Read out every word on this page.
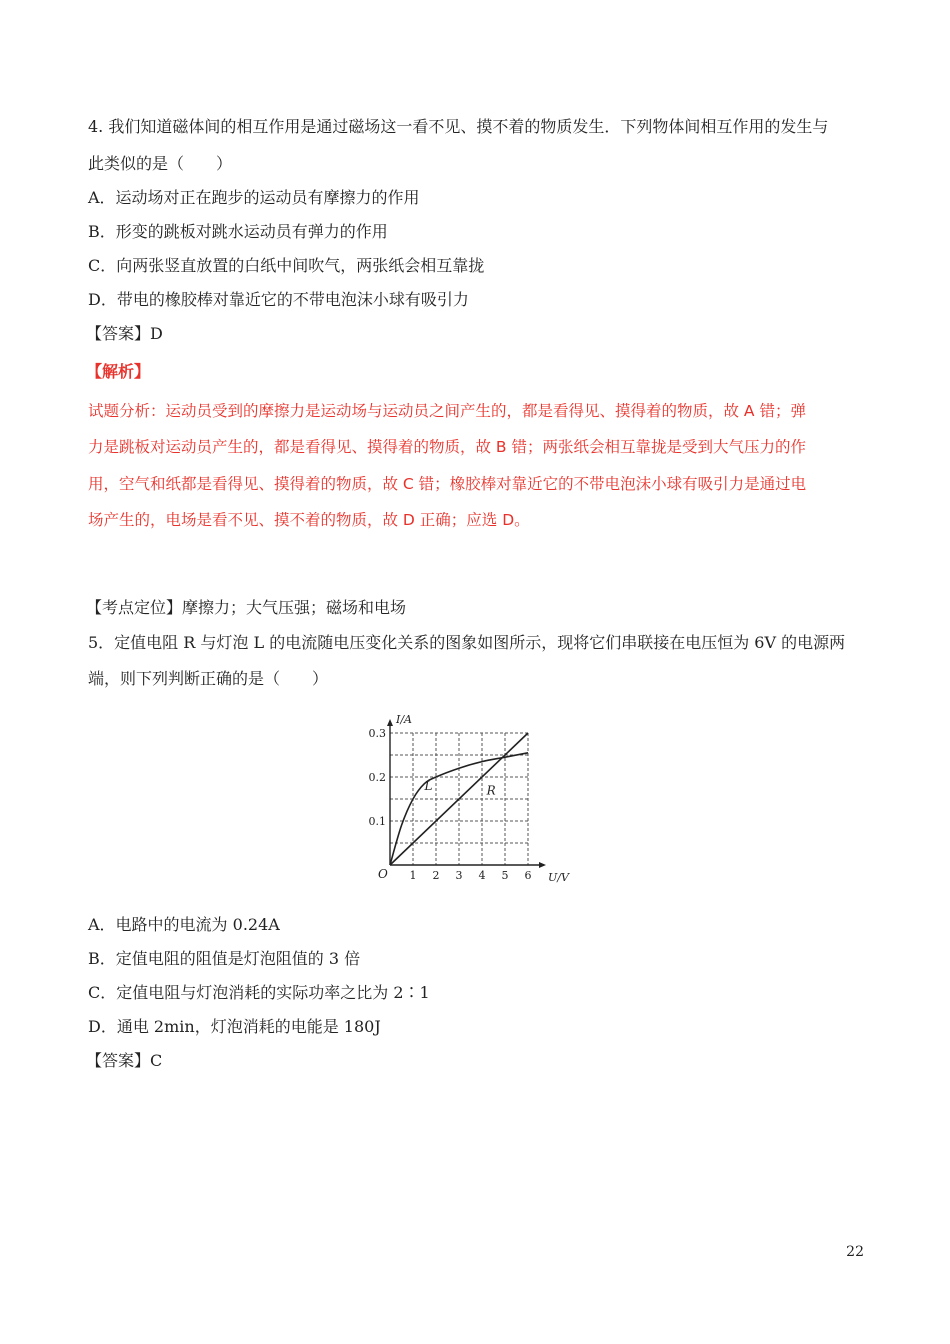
4. 我们知道磁体间的相互作用是通过磁场这一看不见、摸不着的物质发生．下列物体间相互作用的发生与
此类似的是（　　）
A．运动场对正在跑步的运动员有摩擦力的作用
B．形变的跳板对跳水运动员有弹力的作用
C．向两张竖直放置的白纸中间吹气，两张纸会相互靠拢
D．带电的橡胶棒对靠近它的不带电泡沫小球有吸引力
【答案】D
【解析】
试题分析：运动员受到的摩擦力是运动场与运动员之间产生的，都是看得见、摸得着的物质，故 A 错；弹
力是跳板对运动员产生的，都是看得见、摸得着的物质，故 B 错；两张纸会相互靠拢是受到大气压力的作
用，空气和纸都是看得见、摸得着的物质，故 C 错；橡胶棒对靠近它的不带电泡沫小球有吸引力是通过电
场产生的，电场是看不见、摸不着的物质，故 D 正确；应选 D。
【考点定位】摩擦力；大气压强；磁场和电场
5．定值电阻 R 与灯泡 L 的电流随电压变化关系的图象如图所示，现将它们串联接在电压恒为 6V 的电源两
端，则下列判断正确的是（　　）
1 2 3 4 5 6
0.1
0.2
0.3
O	U/V
I/A
R
L
A．电路中的电流为 0.24A
B．定值电阻的阻值是灯泡阻值的 3 倍
C．定值电阻与灯泡消耗的实际功率之比为 2∶1
D．通电 2min，灯泡消耗的电能是 180J
【答案】C
22
